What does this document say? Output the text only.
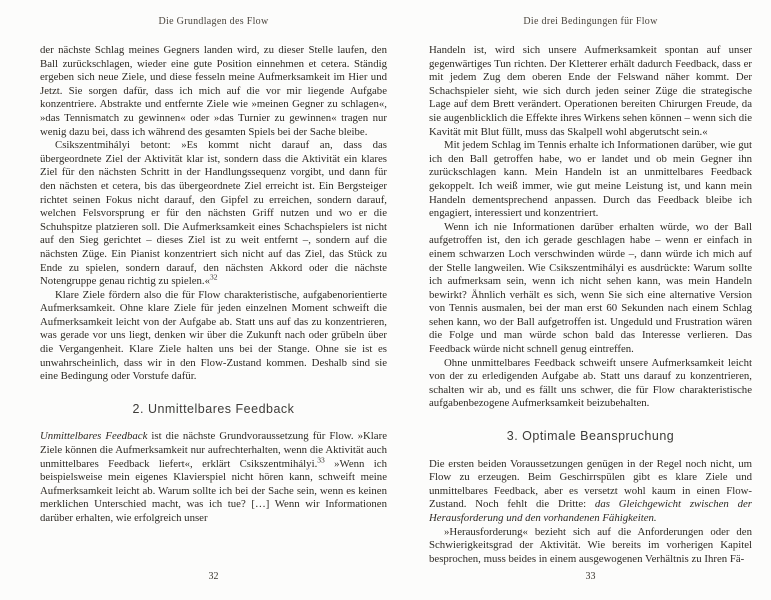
Die Grundlagen des Flow

der nächste Schlag meines Gegners landen wird, zu dieser Stelle laufen, den Ball zurückschlagen, wieder eine gute Position einnehmen et cetera. Ständig ergeben sich neue Ziele, und diese fesseln meine Aufmerksamkeit im Hier und Jetzt. Sie sorgen dafür, dass ich mich auf die vor mir liegende Aufgabe konzentriere. Abstrakte und entfernte Ziele wie »meinen Gegner zu schlagen«, »das Tennismatch zu gewinnen« oder »das Turnier zu gewinnen« tragen nur wenig dazu bei, dass ich während des gesamten Spiels bei der Sache bleibe.

Csikszentmihályi betont: »Es kommt nicht darauf an, dass das übergeordnete Ziel der Aktivität klar ist, sondern dass die Aktivität ein klares Ziel für den nächsten Schritt in der Handlungssequenz vorgibt, und dann für den nächsten et cetera, bis das übergeordnete Ziel erreicht ist. Ein Bergsteiger richtet seinen Fokus nicht darauf, den Gipfel zu erreichen, sondern darauf, welchen Felsvorsprung er für den nächsten Griff nutzen und wo er die Schuhspitze platzieren soll. Die Aufmerksamkeit eines Schachspielers ist nicht auf den Sieg gerichtet – dieses Ziel ist zu weit entfernt –, sondern auf die nächsten Züge. Ein Pianist konzentriert sich nicht auf das Ziel, das Stück zu Ende zu spielen, sondern darauf, den nächsten Akkord oder die nächste Notengruppe genau richtig zu spielen.«$^{32}$

Klare Ziele fördern also die für Flow charakteristische, aufgabenorientierte Aufmerksamkeit. Ohne klare Ziele für jeden einzelnen Moment schweift die Aufmerksamkeit leicht von der Aufgabe ab. Statt uns auf das zu konzentrieren, was gerade vor uns liegt, denken wir über die Zukunft nach oder grübeln über die Vergangenheit. Klare Ziele halten uns bei der Stange. Ohne sie ist es unwahrscheinlich, dass wir in den Flow-Zustand kommen. Deshalb sind sie eine Bedingung oder Vorstufe dafür.

2. Unmittelbares Feedback

Unmittelbares Feedback ist die nächste Grundvoraussetzung für Flow. »Klare Ziele können die Aufmerksamkeit nur aufrechterhalten, wenn die Aktivität auch unmittelbares Feedback liefert«, erklärt Csikszentmihályi.$^{33}$ »Wenn ich beispielsweise mein eigenes Klavierspiel nicht hören kann, schweift meine Aufmerksamkeit leicht ab. Warum sollte ich bei der Sache sein, wenn es keinen merklichen Unterschied macht, was ich tue? […] Wenn wir Informationen darüber erhalten, wie erfolgreich unser

32
Die drei Bedingungen für Flow

Handeln ist, wird sich unsere Aufmerksamkeit spontan auf unser gegenwärtiges Tun richten. Der Kletterer erhält dadurch Feedback, dass er mit jedem Zug dem oberen Ende der Felswand näher kommt. Der Schachspieler sieht, wie sich durch jeden seiner Züge die strategische Lage auf dem Brett verändert. Operationen bereiten Chirurgen Freude, da sie augenblicklich die Effekte ihres Wirkens sehen können – wenn sich die Kavität mit Blut füllt, muss das Skalpell wohl abgerutscht sein.«

Mit jedem Schlag im Tennis erhalte ich Informationen darüber, wie gut ich den Ball getroffen habe, wo er landet und ob mein Gegner ihn zurückschlagen kann. Mein Handeln ist an unmittelbares Feedback gekoppelt. Ich weiß immer, wie gut meine Leistung ist, und kann mein Handeln dementsprechend anpassen. Durch das Feedback bleibe ich engagiert, interessiert und konzentriert.

Wenn ich nie Informationen darüber erhalten würde, wo der Ball aufgetroffen ist, den ich gerade geschlagen habe – wenn er einfach in einem schwarzen Loch verschwinden würde –, dann würde ich mich auf der Stelle langweilen. Wie Csikszentmihályi es ausdrückte: Warum sollte ich aufmerksam sein, wenn ich nicht sehen kann, was mein Handeln bewirkt? Ähnlich verhält es sich, wenn Sie sich eine alternative Version von Tennis ausmalen, bei der man erst 60 Sekunden nach einem Schlag sehen kann, wo der Ball aufgetroffen ist. Ungeduld und Frustration wären die Folge und man würde schon bald das Interesse verlieren. Das Feedback würde nicht schnell genug eintreffen.

Ohne unmittelbares Feedback schweift unsere Aufmerksamkeit leicht von der zu erledigenden Aufgabe ab. Statt uns darauf zu konzentrieren, schalten wir ab, und es fällt uns schwer, die für Flow charakteristische aufgabenbezogene Aufmerksamkeit beizubehalten.

3. Optimale Beanspruchung

Die ersten beiden Voraussetzungen genügen in der Regel noch nicht, um Flow zu erzeugen. Beim Geschirrspülen gibt es klare Ziele und unmittelbares Feedback, aber es versetzt wohl kaum in einen Flow-Zustand. Noch fehlt die Dritte: das Gleichgewicht zwischen der Herausforderung und den vorhandenen Fähigkeiten.

»Herausforderung« bezieht sich auf die Anforderungen oder den Schwierigkeitsgrad der Aktivität. Wie bereits im vorherigen Kapitel besprochen, muss beides in einem ausgewogenen Verhältnis zu Ihren Fä-

33
